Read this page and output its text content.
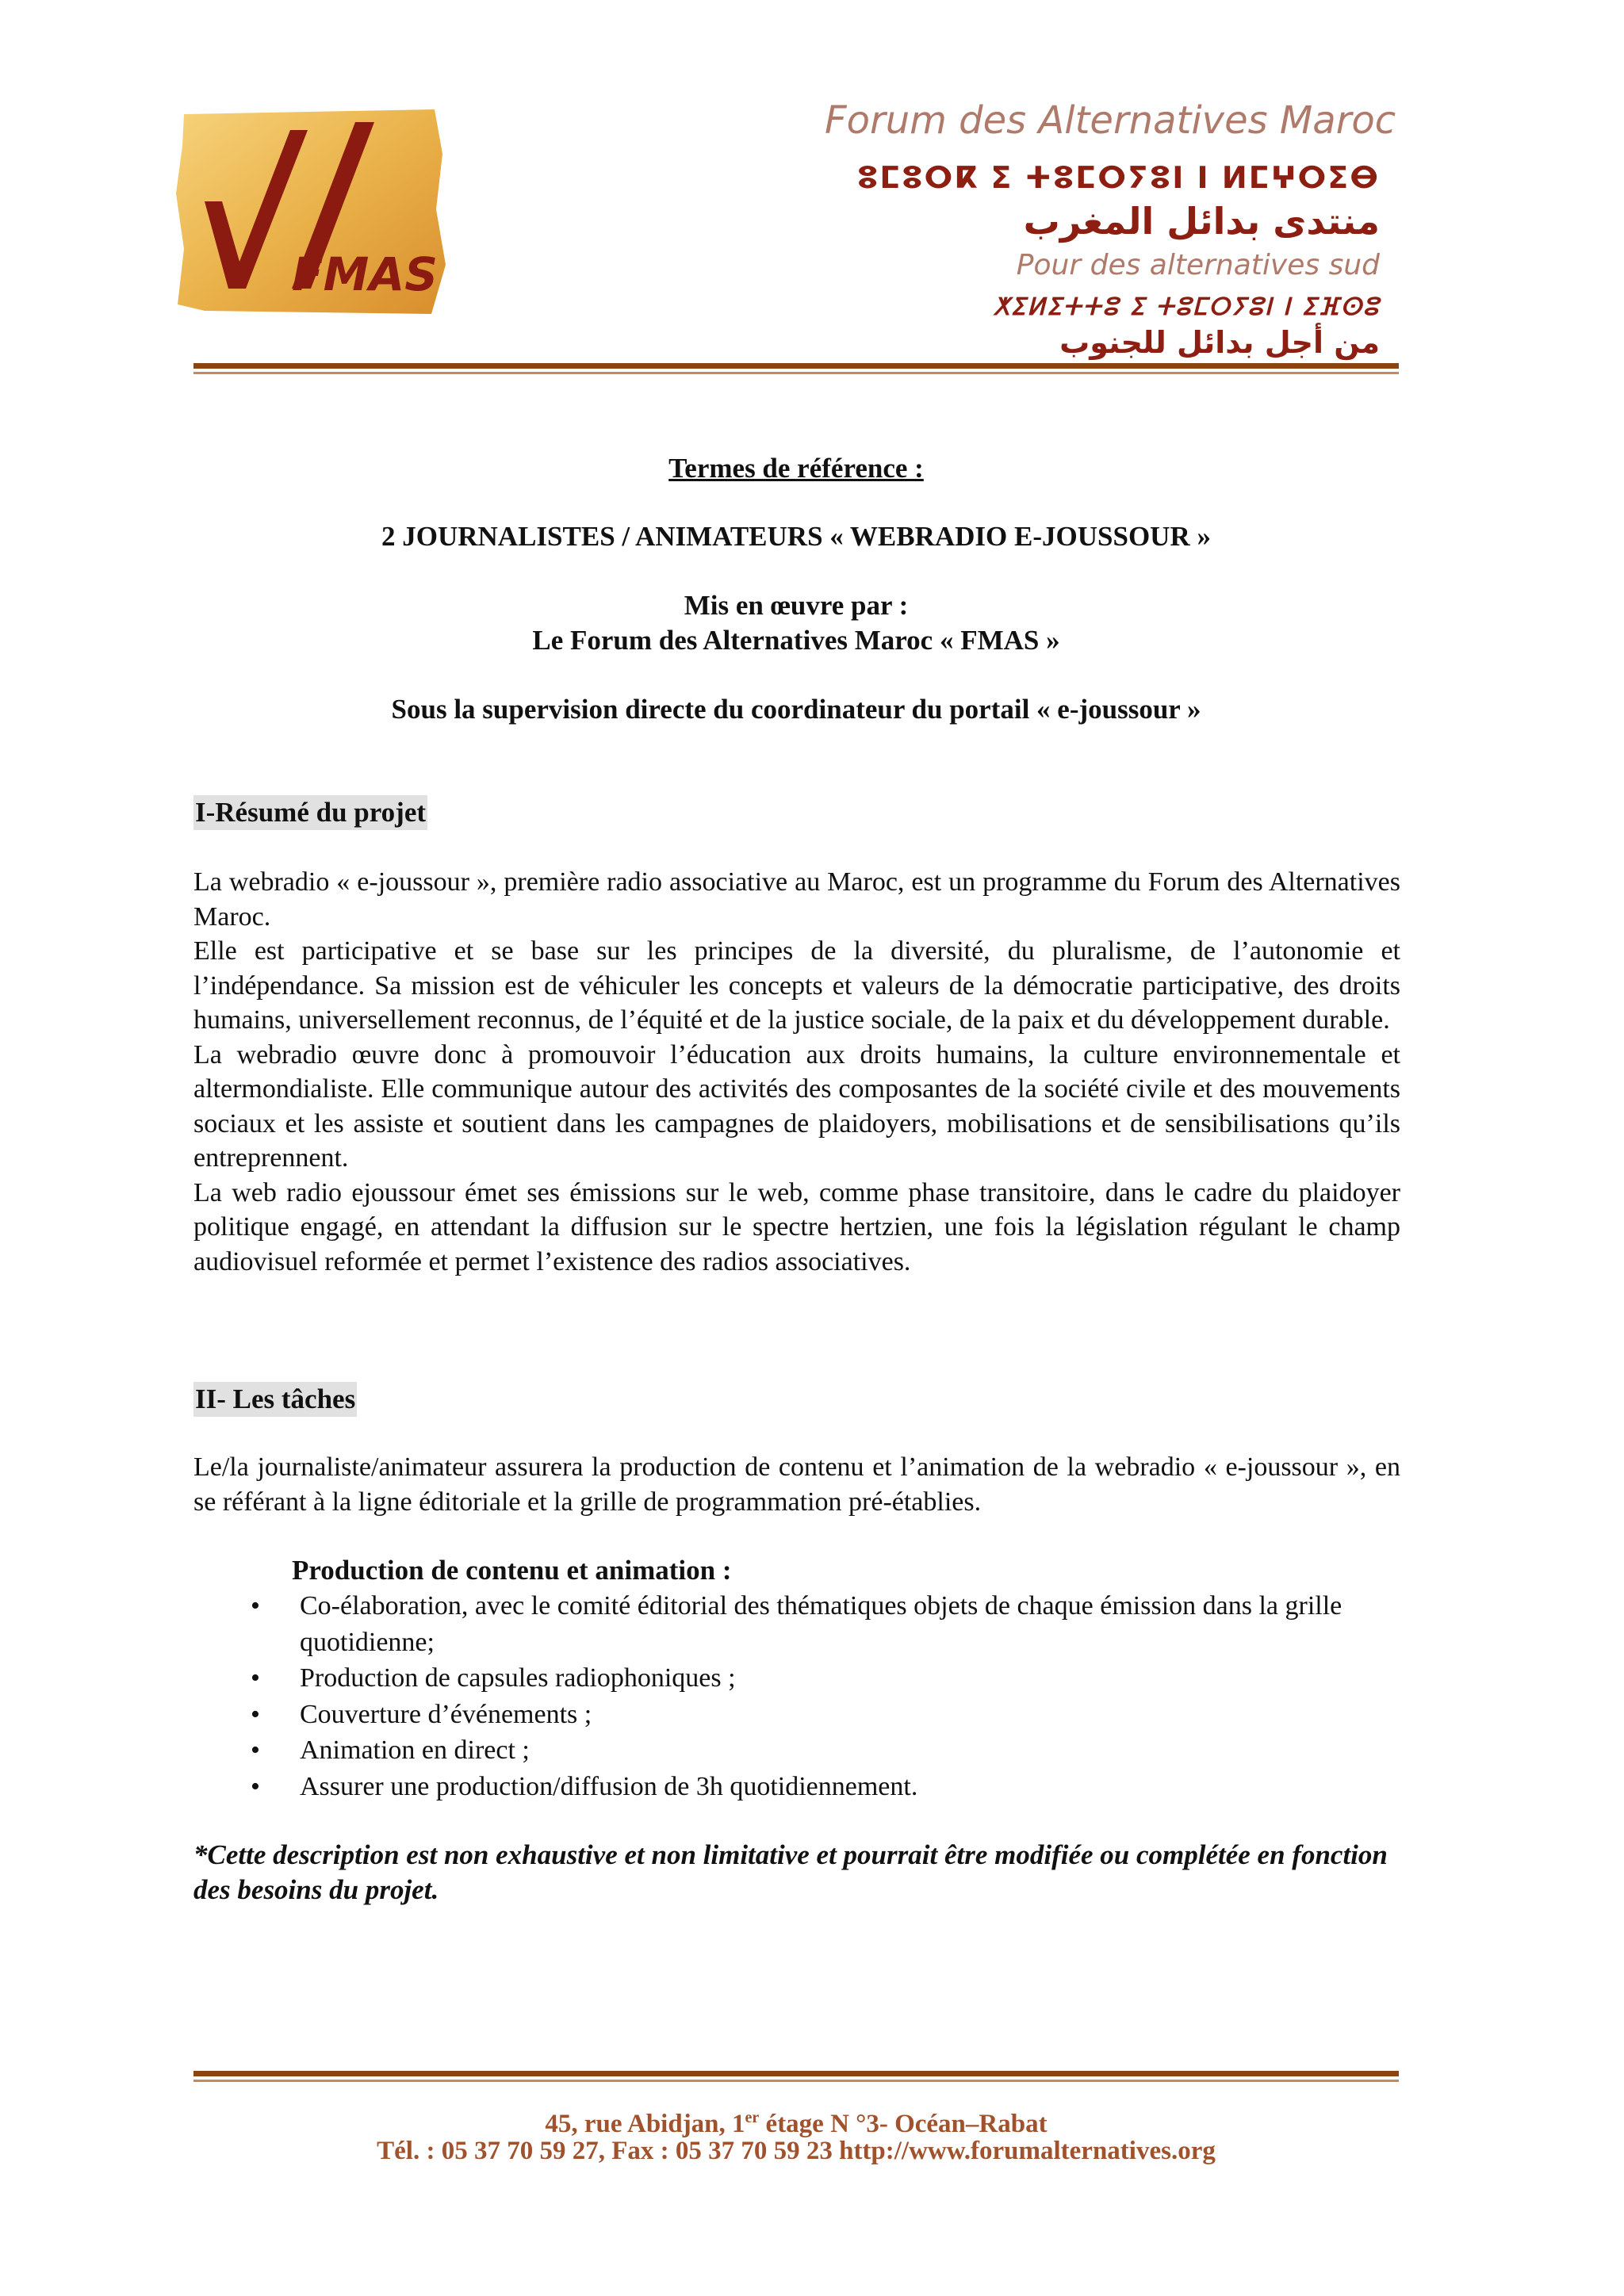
FMAS
Forum des Alternatives Maroc
ⵓⵎⵓⵔⴽ ⵉ ⵜⵓⵎⵔⵢⵓⵏ ⵏ ⵍⵎⵖⵔⵉⴱ
منتدى بدائل المغرب
Pour des alternatives sud
ⵅⵉⵍⵉⵜⵜⵓ ⵉ ⵜⵓⵎⵔⵢⵓⵏ ⵏ ⵉⴼⵙⵓ
من أجل بدائل للجنوب
Termes de référence :
2 JOURNALISTES / ANIMATEURS « WEBRADIO E-JOUSSOUR »
Mis en œuvre par :
Le Forum des Alternatives Maroc « FMAS »
Sous la supervision directe du coordinateur du portail « e-joussour »
I-Résumé du projet

La webradio « e-joussour », première radio associative au Maroc, est un programme du Forum des Alternatives Maroc.

Elle est participative et se base sur les principes de la diversité, du pluralisme, de l’autonomie et l’indépendance. Sa mission est de véhiculer les concepts et valeurs de la démocratie participative, des droits humains, universellement reconnus, de l’équité et de la justice sociale, de la paix et du développement durable.

La webradio œuvre donc à promouvoir l’éducation aux droits humains, la culture environnementale et altermondialiste. Elle communique autour des activités des composantes de la société civile et des mouvements sociaux et les assiste et soutient dans les campagnes de plaidoyers, mobilisations et de sensibilisations qu’ils entreprennent.

La web radio ejoussour émet ses émissions sur le web, comme phase transitoire, dans le cadre du plaidoyer politique engagé, en attendant la diffusion sur le spectre hertzien, une fois la législation régulant le champ audiovisuel reformée et permet l’existence des radios associatives.

II- Les tâches
Le/la journaliste/animateur assurera la production de contenu et l’animation de la webradio « e-joussour », en se référant à la ligne éditoriale et la grille de programmation pré-établies.
Production de contenu et animation :
• Co-élaboration, avec le comité éditorial des thématiques objets de chaque émission dans la grille quotidienne;
• Production de capsules radiophoniques ;
• Couverture d’événements ;
• Animation en direct ;
• Assurer une production/diffusion de 3h quotidiennement.
*Cette description est non exhaustive et non limitative et pourrait être modifiée ou complétée en fonction des besoins du projet.
45, rue Abidjan, 1er étage N °3- Océan–Rabat
Tél. : 05 37 70 59 27, Fax : 05 37 70 59 23 http://www.forumalternatives.org
